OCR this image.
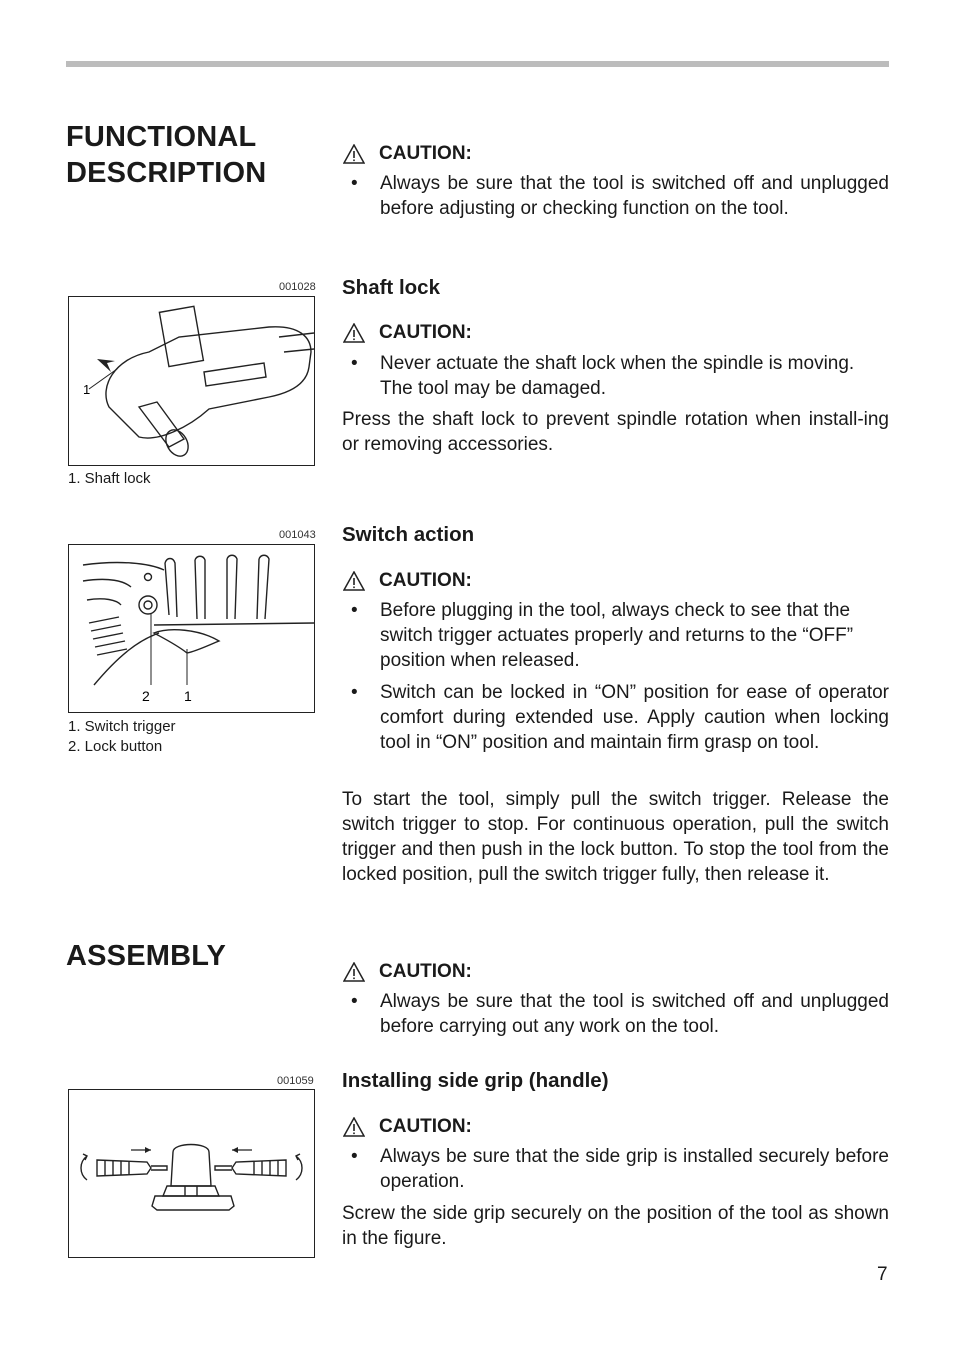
FUNCTIONAL
DESCRIPTION
ASSEMBLY
CAUTION:
• Always be sure that the tool is switched off and unplugged before adjusting or checking function on the tool.
001028
1
1. Shaft lock
Shaft lock
CAUTION:
• Never actuate the shaft lock when the spindle is moving. The tool may be damaged.
Press the shaft lock to prevent spindle rotation when install-ing or removing accessories.
001043
2 1
1. Switch trigger
2. Lock button
Switch action
CAUTION:
• Before plugging in the tool, always check to see that the switch trigger actuates properly and returns to the “OFF” position when released.
• Switch can be locked in “ON” position for ease of operator comfort during extended use. Apply caution when locking tool in “ON” position and maintain firm grasp on tool.
To start the tool, simply pull the switch trigger. Release the switch trigger to stop. For continuous operation, pull the switch trigger and then push in the lock button. To stop the tool from the locked position, pull the switch trigger fully, then release it.
CAUTION:
• Always be sure that the tool is switched off and unplugged before carrying out any work on the tool.
001059 Installing side grip (handle)
CAUTION:
• Always be sure that the side grip is installed securely before operation.
Screw the side grip securely on the position of the tool as shown in the figure.
7
